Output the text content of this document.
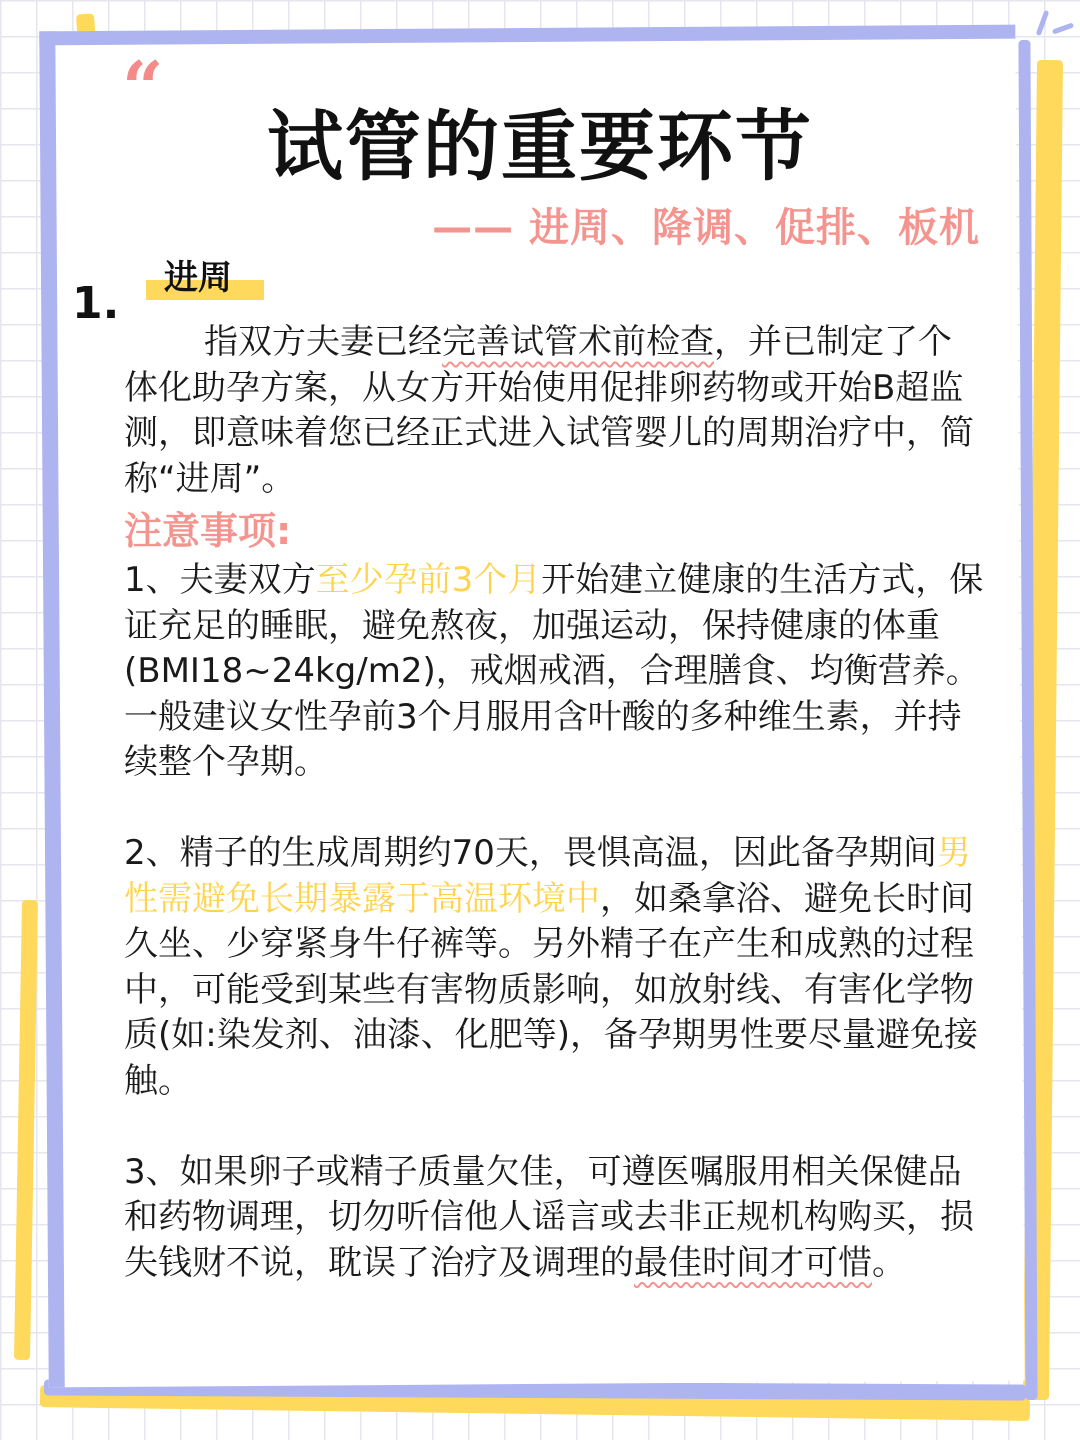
“
试管的重要环节
—— 进周、降调、促排、板机
1.	进周

指双方夫妻已经完善试管术前检查，并已制定了个体化助孕方案，从女方开始使用促排卵药物或开始B超监测，即意味着您已经正式进入试管婴儿的周期治疗中，简称“进周”。

注意事项:

1、夫妻双方至少孕前3个月开始建立健康的生活方式，保证充足的睡眠，避免熬夜，加强运动，保持健康的体重(BMI18~24kg/m2)，戒烟戒酒，合理膳食、均衡营养。一般建议女性孕前3个月服用含叶酸的多种维生素，并持续整个孕期。

2、精子的生成周期约70天，畏惧高温，因此备孕期间男性需避免长期暴露于高温环境中，如桑拿浴、避免长时间久坐、少穿紧身牛仔裤等。另外精子在产生和成熟的过程中，可能受到某些有害物质影响，如放射线、有害化学物质(如:染发剂、油漆、化肥等)，备孕期男性要尽量避免接触。

3、如果卵子或精子质量欠佳，可遵医嘱服用相关保健品和药物调理，切勿听信他人谣言或去非正规机构购买，损失钱财不说，耽误了治疗及调理的最佳时间才可惜。
